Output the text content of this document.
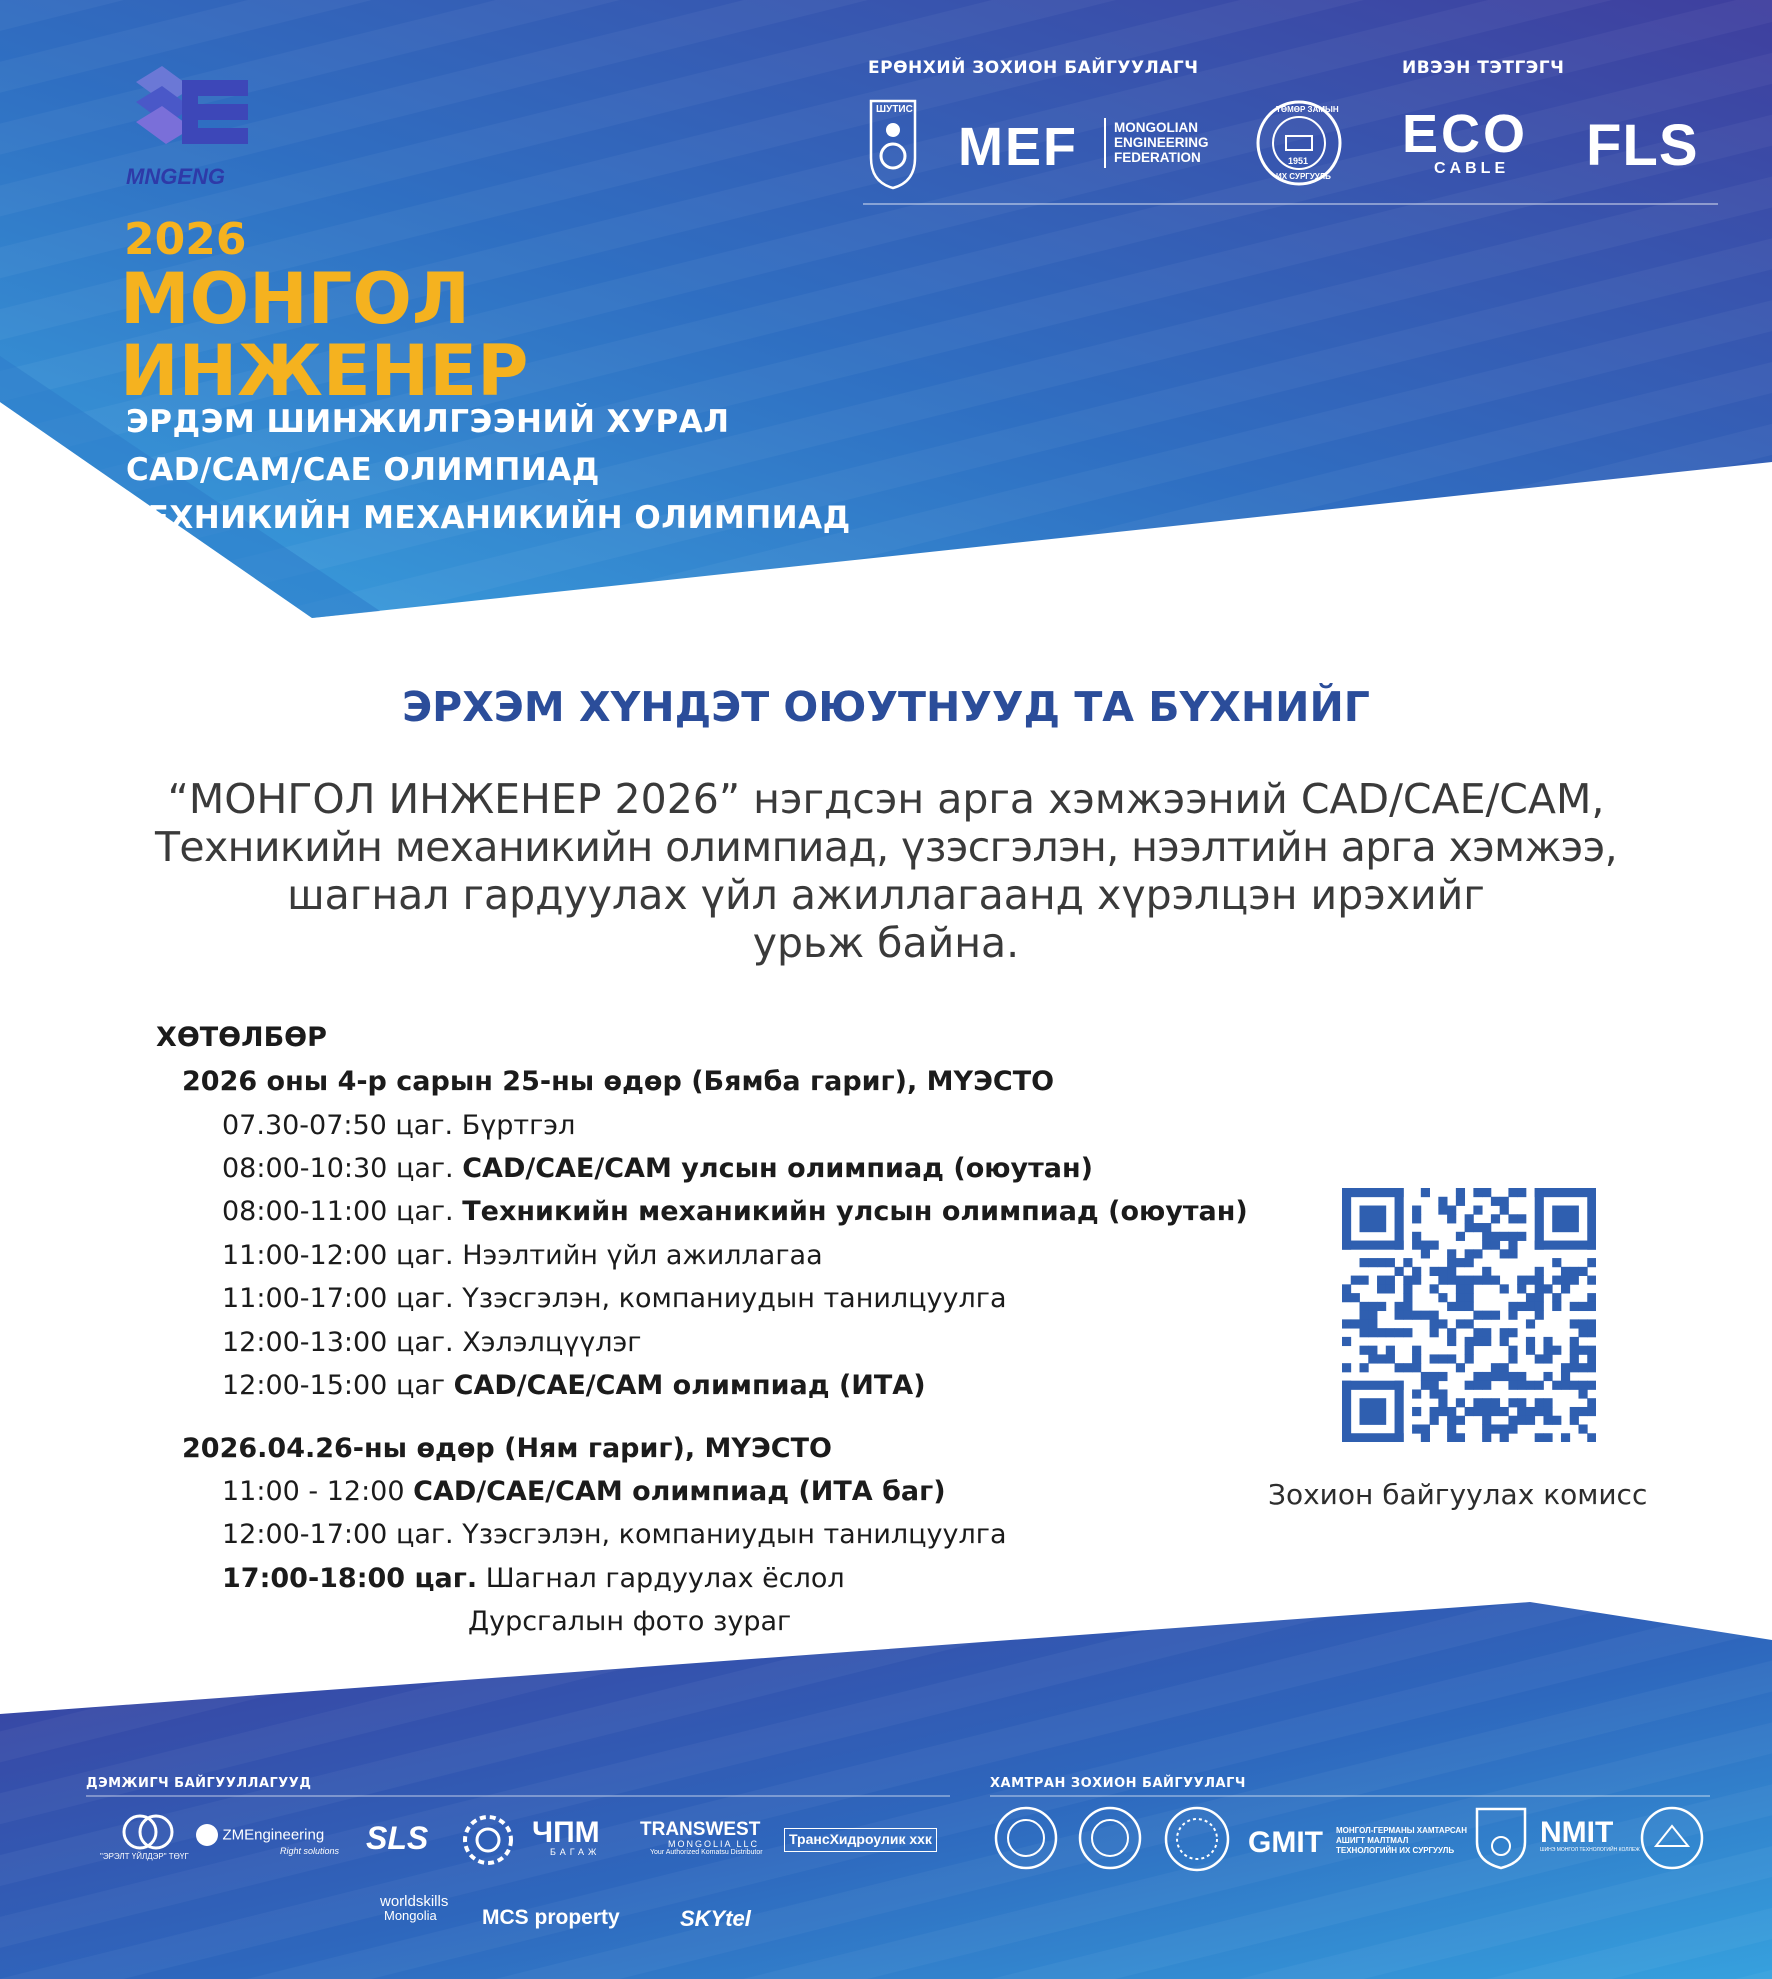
MNGENG
2026
МОНГОЛ
ИНЖЕНЕР
ЭРДЭМ ШИНЖИЛГЭЭНИЙ ХУРАЛ
CAD/CAM/CAE ОЛИМПИАД
ТЕХНИКИЙН МЕХАНИКИЙН ОЛИМПИАД
ЕРӨНХИЙ ЗОХИОН БАЙГУУЛАГЧ	ИВЭЭН ТЭТГЭГЧ
ШУТИС
MEF	MONGOLIAN
ENGINEERING
FEDERATION
ТӨМӨР ЗАМЫН
1951
ИХ СУРГУУЛЬ
ECO
CABLE	FLS
ЭРХЭМ ХҮНДЭТ ОЮУТНУУД ТА БҮХНИЙГ
“МОНГОЛ ИНЖЕНЕР 2026” нэгдсэн арга хэмжээний CAD/CAE/CAM,
Техникийн механикийн олимпиад, үзэсгэлэн, нээлтийн арга хэмжээ,
шагнал гардуулах үйл ажиллагаанд хүрэлцэн ирэхийг
урьж байна.
ХӨТӨЛБӨР
2026 оны 4-р сарын 25-ны өдөр (Бямба гариг), МҮЭСТО
07.30-07:50 цаг. Бүртгэл
08:00-10:30 цаг. CAD/CAE/CAM улсын олимпиад (оюутан)
08:00-11:00 цаг. Техникийн механикийн улсын олимпиад (оюутан)
11:00-12:00 цаг. Нээлтийн үйл ажиллагаа
11:00-17:00 цаг. Үзэсгэлэн, компаниудын танилцуулга
12:00-13:00 цаг. Хэлэлцүүлэг
12:00-15:00 цаг CAD/CAE/CAM олимпиад (ИТА)
2026.04.26-ны өдөр (Ням гариг), МҮЭСТО
11:00 - 12:00 CAD/CAE/CAM олимпиад (ИТА баг)
12:00-17:00 цаг. Үзэсгэлэн, компаниудын танилцуулга
17:00-18:00 цаг. Шагнал гардуулах ёслол
Дурсгалын фото зураг
Зохион байгуулах комисс
ДЭМЖИГЧ БАЙГУУЛЛАГУУД	ХАМТРАН ЗОХИОН БАЙГУУЛАГЧ
"ЭРЭЛТ ҮЙЛДЭР" ТӨҮГ
ZMEngineering
Right solutions SLS	ЧПМ
БАГАЖ
TRANSWEST
MONGOLIA LLC
Your Authorized Komatsu Distributor
ТрансХидроулик ххк
worldskills
Mongolia	MCS property	SKYtel
GMIT МОНГОЛ-ГЕРМАНЫ ХАМТАРСАН
АШИГТ МАЛТМАЛ
ТЕХНОЛОГИЙН ИХ СУРГУУЛЬ
NMIT
ШИНЭ МОНГОЛ ТЕХНОЛОГИЙН КОЛЛЕЖ
